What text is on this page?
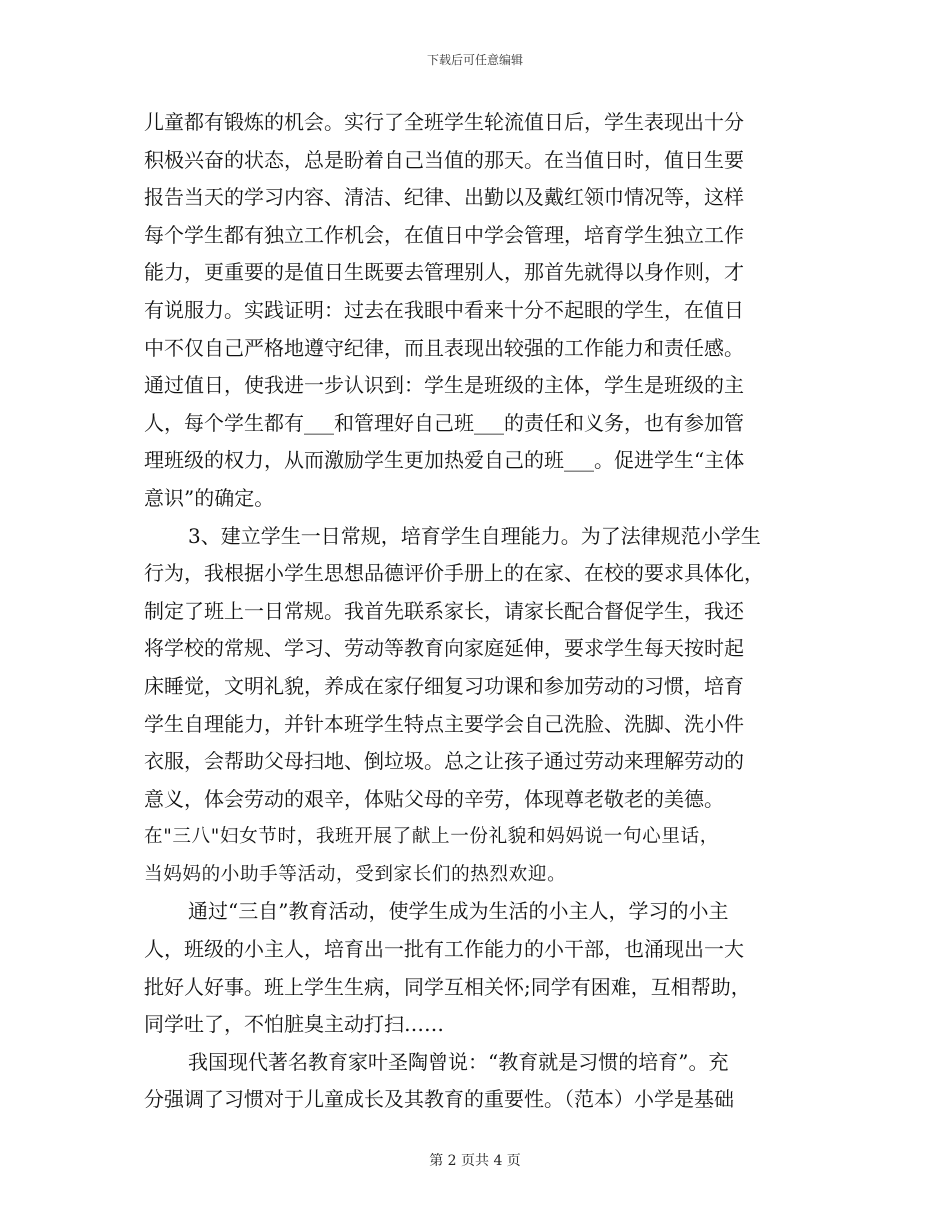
下载后可任意编辑
儿童都有锻炼的机会。实行了全班学生轮流值日后，学生表现出十分
积极兴奋的状态，总是盼着自己当值的那天。在当值日时，值日生要
报告当天的学习内容、清洁、纪律、出勤以及戴红领巾情况等，这样
每个学生都有独立工作机会，在值日中学会管理，培育学生独立工作
能力，更重要的是值日生既要去管理别人，那首先就得以身作则，才
有说服力。实践证明：过去在我眼中看来十分不起眼的学生，在值日
中不仅自己严格地遵守纪律，而且表现出较强的工作能力和责任感。
通过值日，使我进一步认识到：学生是班级的主体，学生是班级的主
人，每个学生都有___和管理好自己班___的责任和义务，也有参加管
理班级的权力，从而激励学生更加热爱自己的班___。促进学生“主体
意识”的确定。
3、建立学生一日常规，培育学生自理能力。为了法律规范小学生
行为，我根据小学生思想品德评价手册上的在家、在校的要求具体化，
制定了班上一日常规。我首先联系家长，请家长配合督促学生，我还
将学校的常规、学习、劳动等教育向家庭延伸，要求学生每天按时起
床睡觉，文明礼貌，养成在家仔细复习功课和参加劳动的习惯，培育
学生自理能力，并针本班学生特点主要学会自己洗脸、洗脚、洗小件
衣服，会帮助父母扫地、倒垃圾。总之让孩子通过劳动来理解劳动的
意义，体会劳动的艰辛，体贴父母的辛劳，体现尊老敬老的美德。
在"三八"妇女节时，我班开展了献上一份礼貌和妈妈说一句心里话，
当妈妈的小助手等活动，受到家长们的热烈欢迎。
通过“三自”教育活动，使学生成为生活的小主人，学习的小主
人，班级的小主人，培育出一批有工作能力的小干部，也涌现出一大
批好人好事。班上学生生病，同学互相关怀;同学有困难，互相帮助，
同学吐了，不怕脏臭主动打扫……
我国现代著名教育家叶圣陶曾说：“教育就是习惯的培育”。充
分强调了习惯对于儿童成长及其教育的重要性。（范本）小学是基础
第 2 页共 4 页
